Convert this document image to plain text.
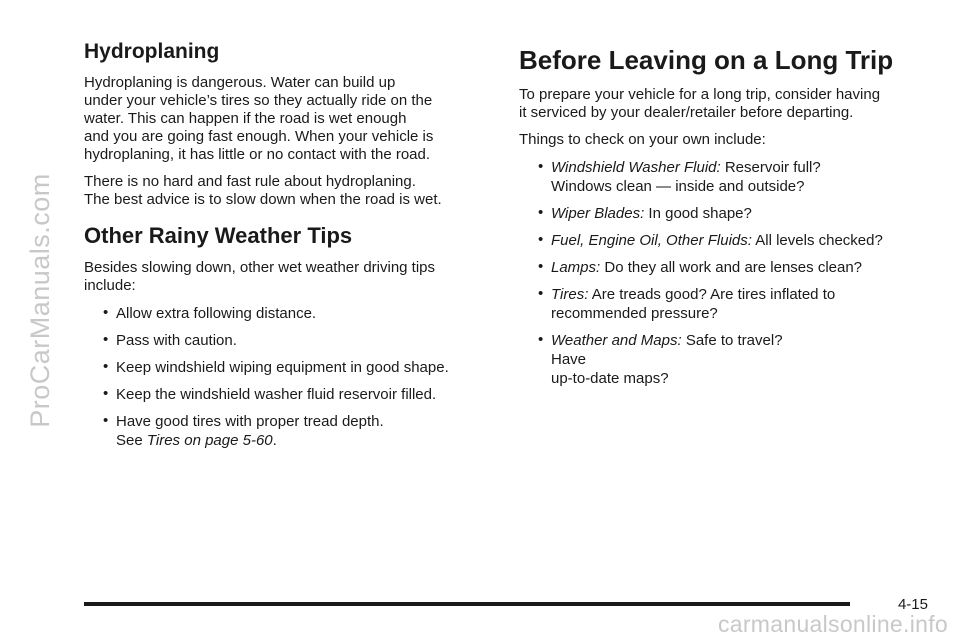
ProCarManuals.com
Hydroplaning

Hydroplaning is dangerous. Water can build up
under your vehicle’s tires so they actually ride on the
water. This can happen if the road is wet enough
and you are going fast enough. When your vehicle is
hydroplaning, it has little or no contact with the road.

There is no hard and fast rule about hydroplaning.
The best advice is to slow down when the road is wet.

Other Rainy Weather Tips

Besides slowing down, other wet weather driving tips
include:

• Allow extra following distance.
• Pass with caution.
• Keep windshield wiping equipment in good shape.
• Keep the windshield washer fluid reservoir filled.
• Have good tires with proper tread depth.
See Tires on page 5-60.
Before Leaving on a Long Trip

To prepare your vehicle for a long trip, consider having
it serviced by your dealer/retailer before departing.

Things to check on your own include:

• Windshield Washer Fluid: Reservoir full?
Windows clean — inside and outside?
• Wiper Blades: In good shape?
• Fuel, Engine Oil, Other Fluids: All levels checked?
• Lamps: Do they all work and are lenses clean?
• Tires: Are treads good? Are tires inflated to
recommended pressure?
• Weather and Maps: Safe to travel?
Have
up-to-date maps?
4-15
carmanualsonline.info
